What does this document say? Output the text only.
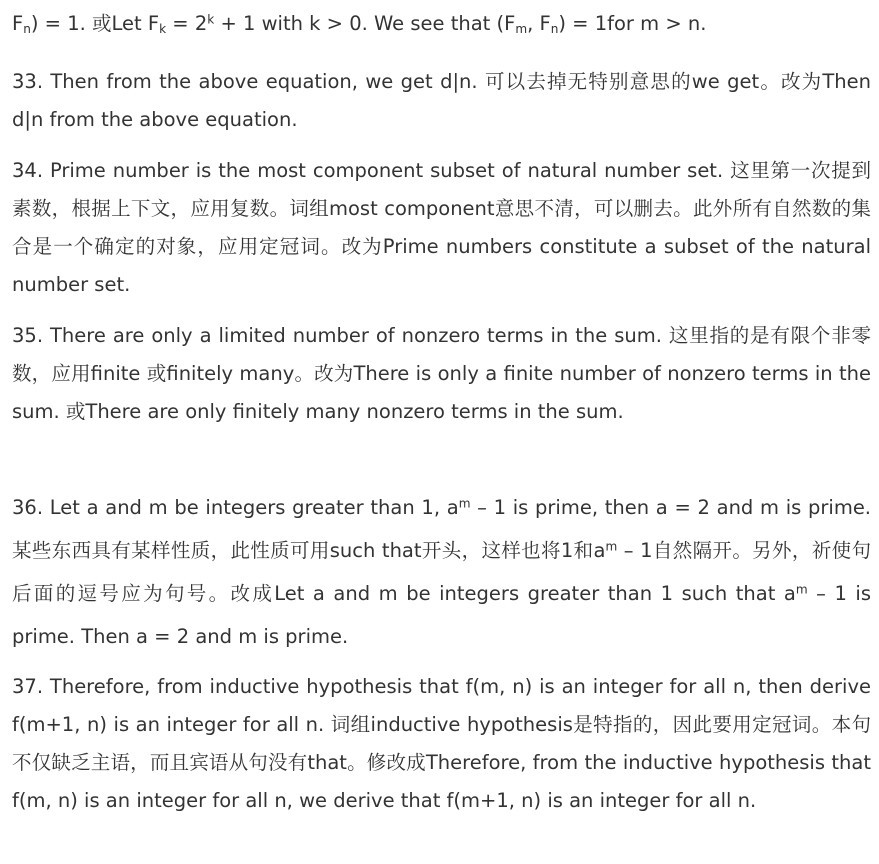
$F_n) = 1$. 或Let $F_k = 2^k + 1$ with k > 0. We see that ($F_m$, $F_n) = 1for$ m > n.

33. Then from the above equation, we get d|n. 可以去掉无特别意思的we get。改为Then d|n from the above equation.

34. Prime number is the most component subset of natural number set. 这里第一次提到素数，根据上下文，应用复数。词组most component意思不清，可以删去。此外所有自然数的集合是一个确定的对象，应用定冠词。改为Prime numbers constitute a subset of the natural number set.

35. There are only a limited number of nonzero terms in the sum. 这里指的是有限个非零数，应用finite 或finitely many。改为There is only a finite number of nonzero terms in the sum. 或There are only finitely many nonzero terms in the sum.

36. Let a and m be integers greater than 1, $a^m - 1$ is prime, then a = 2 and m is prime. 某些东西具有某样性质，此性质可用such that开头，这样也将1和$a^m - 1$自然隔开。另外，祈使句后面的逗号应为句号。改成Let a and m be integers greater than 1 such that $a^m - 1$ is prime. Then a = 2 and m is prime.

37. Therefore, from inductive hypothesis that f(m, n) is an integer for all n, then derive f(m+1, n) is an integer for all n. 词组inductive hypothesis是特指的，因此要用定冠词。本句不仅缺乏主语，而且宾语从句没有that。修改成Therefore, from the inductive hypothesis that f(m, n) is an integer for all n, we derive that f(m+1, n) is an integer for all n.
